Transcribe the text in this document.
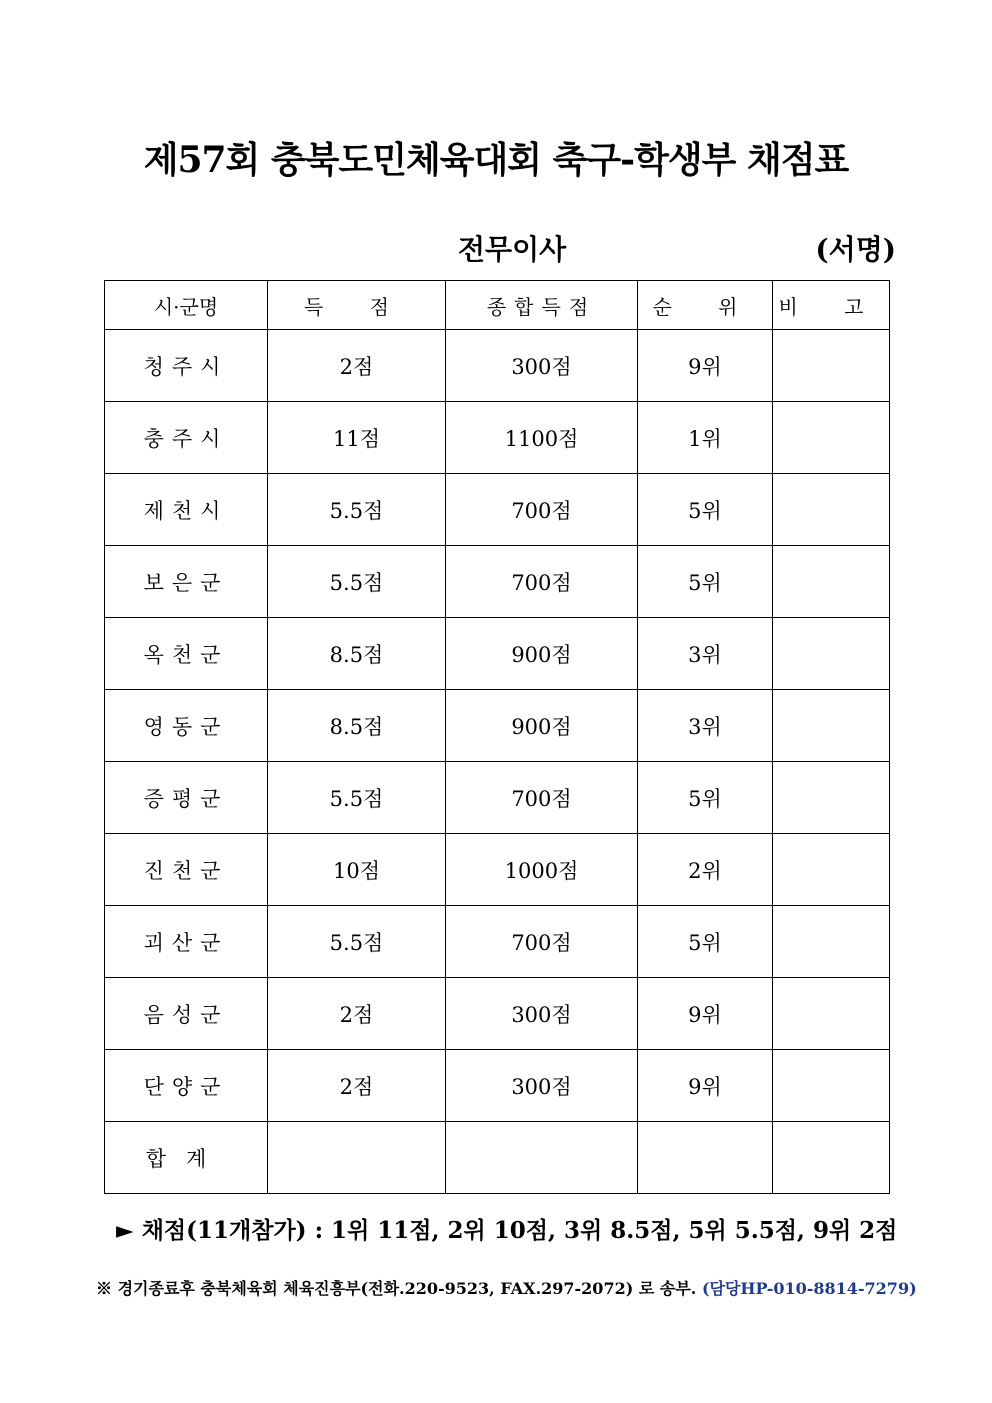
제57회 충북도민체육대회 축구-학생부 채점표
전무이사	(서명)
시·군명	득 점	종합득점	순 위	비 고
청주시	2점	300점	9위	
충주시	11점	1100점	1위	
제천시	5.5점	700점	5위	
보은군	5.5점	700점	5위	
옥천군	8.5점	900점	3위	
영동군	8.5점	900점	3위	
증평군	5.5점	700점	5위	
진천군	10점	1000점	2위	
괴산군	5.5점	700점	5위	
음성군	2점	300점	9위	
단양군	2점	300점	9위	
합계				
► 채점(11개참가) : 1위 11점, 2위 10점, 3위 8.5점, 5위 5.5점, 9위 2점
※ 경기종료후 충북체육회 체육진흥부(전화.220-9523, FAX.297-2072) 로 송부. (담당HP-010-8814-7279)
